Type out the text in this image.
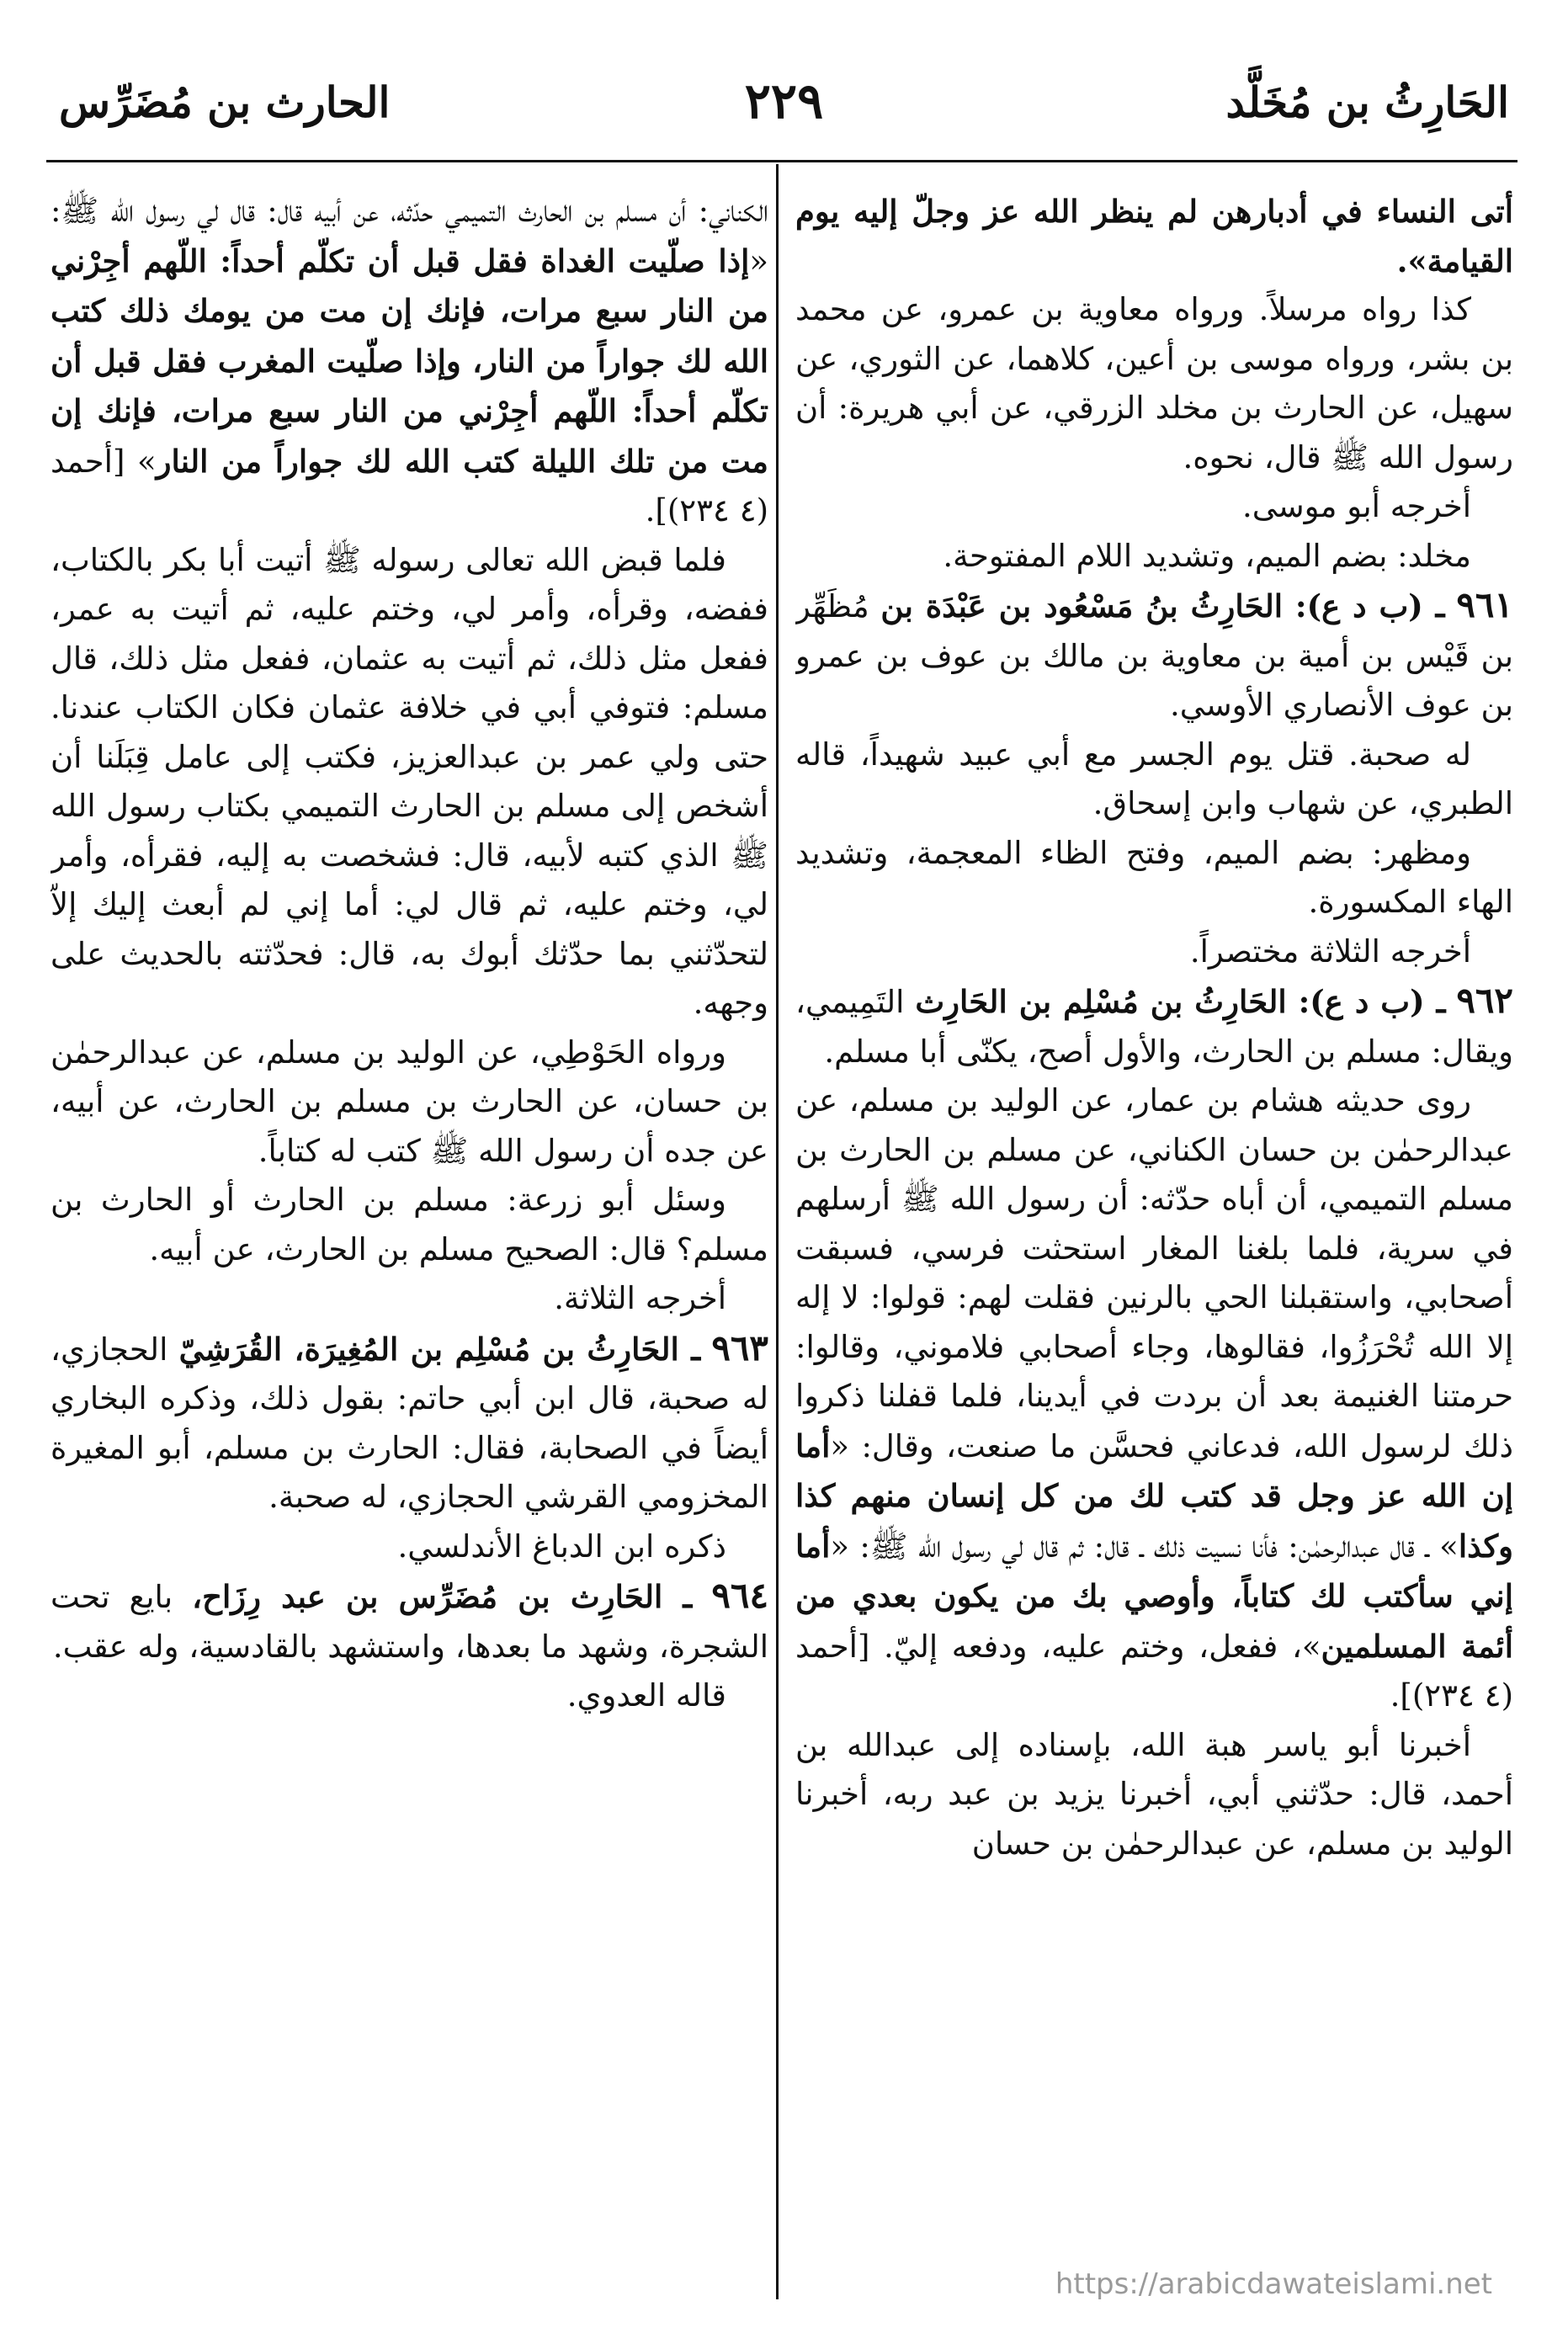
الحَارِثُ بن مُخَلَّد
٢٢٩
الحارث بن مُضَرِّس

أتى النساء في أدبارهن لم ينظر الله عز وجلّ إليه يوم القيامة».

كذا رواه مرسلاً. ورواه معاوية بن عمرو، عن محمد بن بشر، ورواه موسى بن أعين، كلاهما، عن الثوري، عن سهيل، عن الحارث بن مخلد الزرقي، عن أبي هريرة: أن رسول الله ﷺ قال، نحوه.

أخرجه أبو موسى.

مخلد: بضم الميم، وتشديد اللام المفتوحة.

٩٦١ ـ (ب د ع): الحَارِثُ بنُ مَسْعُود بن عَبْدَة بن مُظَهِّر بن قَيْس بن أمية بن معاوية بن مالك بن عوف بن عمرو بن عوف الأنصاري الأوسي.

له صحبة. قتل يوم الجسر مع أبي عبيد شهيداً، قاله الطبري، عن شهاب وابن إسحاق.

ومظهر: بضم الميم، وفتح الظاء المعجمة، وتشديد الهاء المكسورة.

أخرجه الثلاثة مختصراً.

٩٦٢ ـ (ب د ع): الحَارِثُ بن مُسْلِم بن الحَارِث التَمِيمي، ويقال: مسلم بن الحارث، والأول أصح، يكنّى أبا مسلم.

روى حديثه هشام بن عمار، عن الوليد بن مسلم، عن عبدالرحمٰن بن حسان الكناني، عن مسلم بن الحارث بن مسلم التميمي، أن أباه حدّثه: أن رسول الله ﷺ أرسلهم في سرية، فلما بلغنا المغار استحثت فرسي، فسبقت أصحابي، واستقبلنا الحي بالرنين فقلت لهم: قولوا: لا إله إلا الله تُحْرَزُوا، فقالوها، وجاء أصحابي فلاموني، وقالوا: حرمتنا الغنيمة بعد أن بردت في أيدينا، فلما قفلنا ذكروا ذلك لرسول الله، فدعاني فحسَّن ما صنعت، وقال: «أما إن الله عز وجل قد كتب لك من كل إنسان منهم كذا وكذا» ـ قال عبدالرحمٰن: فأنا نسيت ذلك ـ قال: ثم قال لي رسول الله ﷺ: «أما إني سأكتب لك كتاباً، وأوصي بك من يكون بعدي من أئمة المسلمين»، ففعل، وختم عليه، ودفعه إليّ. [أحمد (٤ ٢٣٤)].

أخبرنا أبو ياسر هبة الله، بإسناده إلى عبدالله بن أحمد، قال: حدّثني أبي، أخبرنا يزيد بن عبد ربه، أخبرنا الوليد بن مسلم، عن عبدالرحمٰن بن حسان

الكناني: أن مسلم بن الحارث التميمي حدّثه، عن أبيه قال: قال لي رسول الله ﷺ: «إذا صلّيت الغداة فقل قبل أن تكلّم أحداً: اللّهم أجِرْني من النار سبع مرات، فإنك إن مت من يومك ذلك كتب الله لك جواراً من النار، وإذا صلّيت المغرب فقل قبل أن تكلّم أحداً: اللّهم أجِرْني من النار سبع مرات، فإنك إن مت من تلك الليلة كتب الله لك جواراً من النار» [أحمد (٤ ٢٣٤)].

فلما قبض الله تعالى رسوله ﷺ أتيت أبا بكر بالكتاب، ففضه، وقرأه، وأمر لي، وختم عليه، ثم أتيت به عمر، ففعل مثل ذلك، ثم أتيت به عثمان، ففعل مثل ذلك، قال مسلم: فتوفي أبي في خلافة عثمان فكان الكتاب عندنا. حتى ولي عمر بن عبدالعزيز، فكتب إلى عامل قِبَلَنا أن أشخص إلى مسلم بن الحارث التميمي بكتاب رسول الله ﷺ الذي كتبه لأبيه، قال: فشخصت به إليه، فقرأه، وأمر لي، وختم عليه، ثم قال لي: أما إني لم أبعث إليك إلاّ لتحدّثني بما حدّثك أبوك به، قال: فحدّثته بالحديث على وجهه.

ورواه الحَوْطِي، عن الوليد بن مسلم، عن عبدالرحمٰن بن حسان، عن الحارث بن مسلم بن الحارث، عن أبيه، عن جده أن رسول الله ﷺ كتب له كتاباً.

وسئل أبو زرعة: مسلم بن الحارث أو الحارث بن مسلم؟ قال: الصحيح مسلم بن الحارث، عن أبيه.

أخرجه الثلاثة.

٩٦٣ ـ الحَارِثُ بن مُسْلِم بن المُغِيرَة، القُرَشِيّ الحجازي، له صحبة، قال ابن أبي حاتم: بقول ذلك، وذكره البخاري أيضاً في الصحابة، فقال: الحارث بن مسلم، أبو المغيرة المخزومي القرشي الحجازي، له صحبة.

ذكره ابن الدباغ الأندلسي.

٩٦٤ ـ الحَارِث بن مُضَرِّس بن عبد رِزَاح، بايع تحت الشجرة، وشهد ما بعدها، واستشهد بالقادسية، وله عقب.

قاله العدوي.

https://arabicdawateislami.net
